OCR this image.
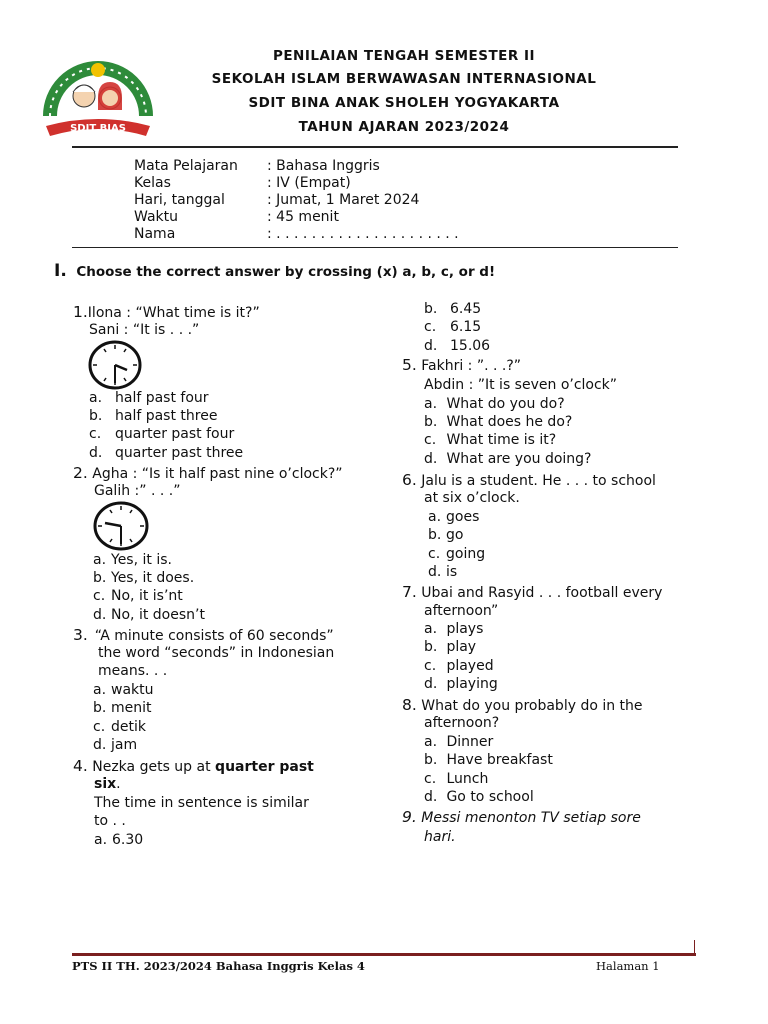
SDIT BIAS
PENILAIAN TENGAH SEMESTER II
SEKOLAH ISLAM BERWAWASAN INTERNASIONAL
SDIT BINA ANAK SHOLEH YOGYAKARTA
TAHUN AJARAN 2023/2024
Mata Pelajaran : Bahasa Inggris
Kelas	: IV (Empat)
Hari, tanggal	: Jumat, 1 Maret 2024
Waktu	: 45 menit
Nama	: . . . . . . . . . . . . . . . . . . . . .
I. Choose the correct answer by crossing (x) a, b, c, or d!
1.Ilona : “What time is it?”
Sani : “It is . . .”
a. half past four
b. half past three
c. quarter past four
d. quarter past three
2. Agha : “Is it half past nine o’clock?”
Galih :” . . .”
a. Yes, it is.
b. Yes, it does.
c. No, it is’nt
d. No, it doesn’t
3. “A minute consists of 60 seconds”
the word “seconds” in Indonesian
means. . .
a. waktu
b. menit
c. detik
d. jam
4. Nezka gets up at quarter past
six.
The time in sentence is similar
to . .
a. 6.30
b. 6.45
c. 6.15
d. 15.06
5. Fakhri : ”. . .?”
Abdin : ”It is seven o’clock”
a. What do you do?
b. What does he do?
c. What time is it?
d. What are you doing?
6. Jalu is a student. He . . . to school
at six o’clock.
a. goes
b. go
c. going
d. is
7. Ubai and Rasyid . . . football every
afternoon”
a. plays
b. play
c. played
d. playing
8. What do you probably do in the
afternoon?
a. Dinner
b. Have breakfast
c. Lunch
d. Go to school
9. Messi menonton TV setiap sore
hari.
PTS II TH. 2023/2024 Bahasa Inggris Kelas 4	Halaman 1
